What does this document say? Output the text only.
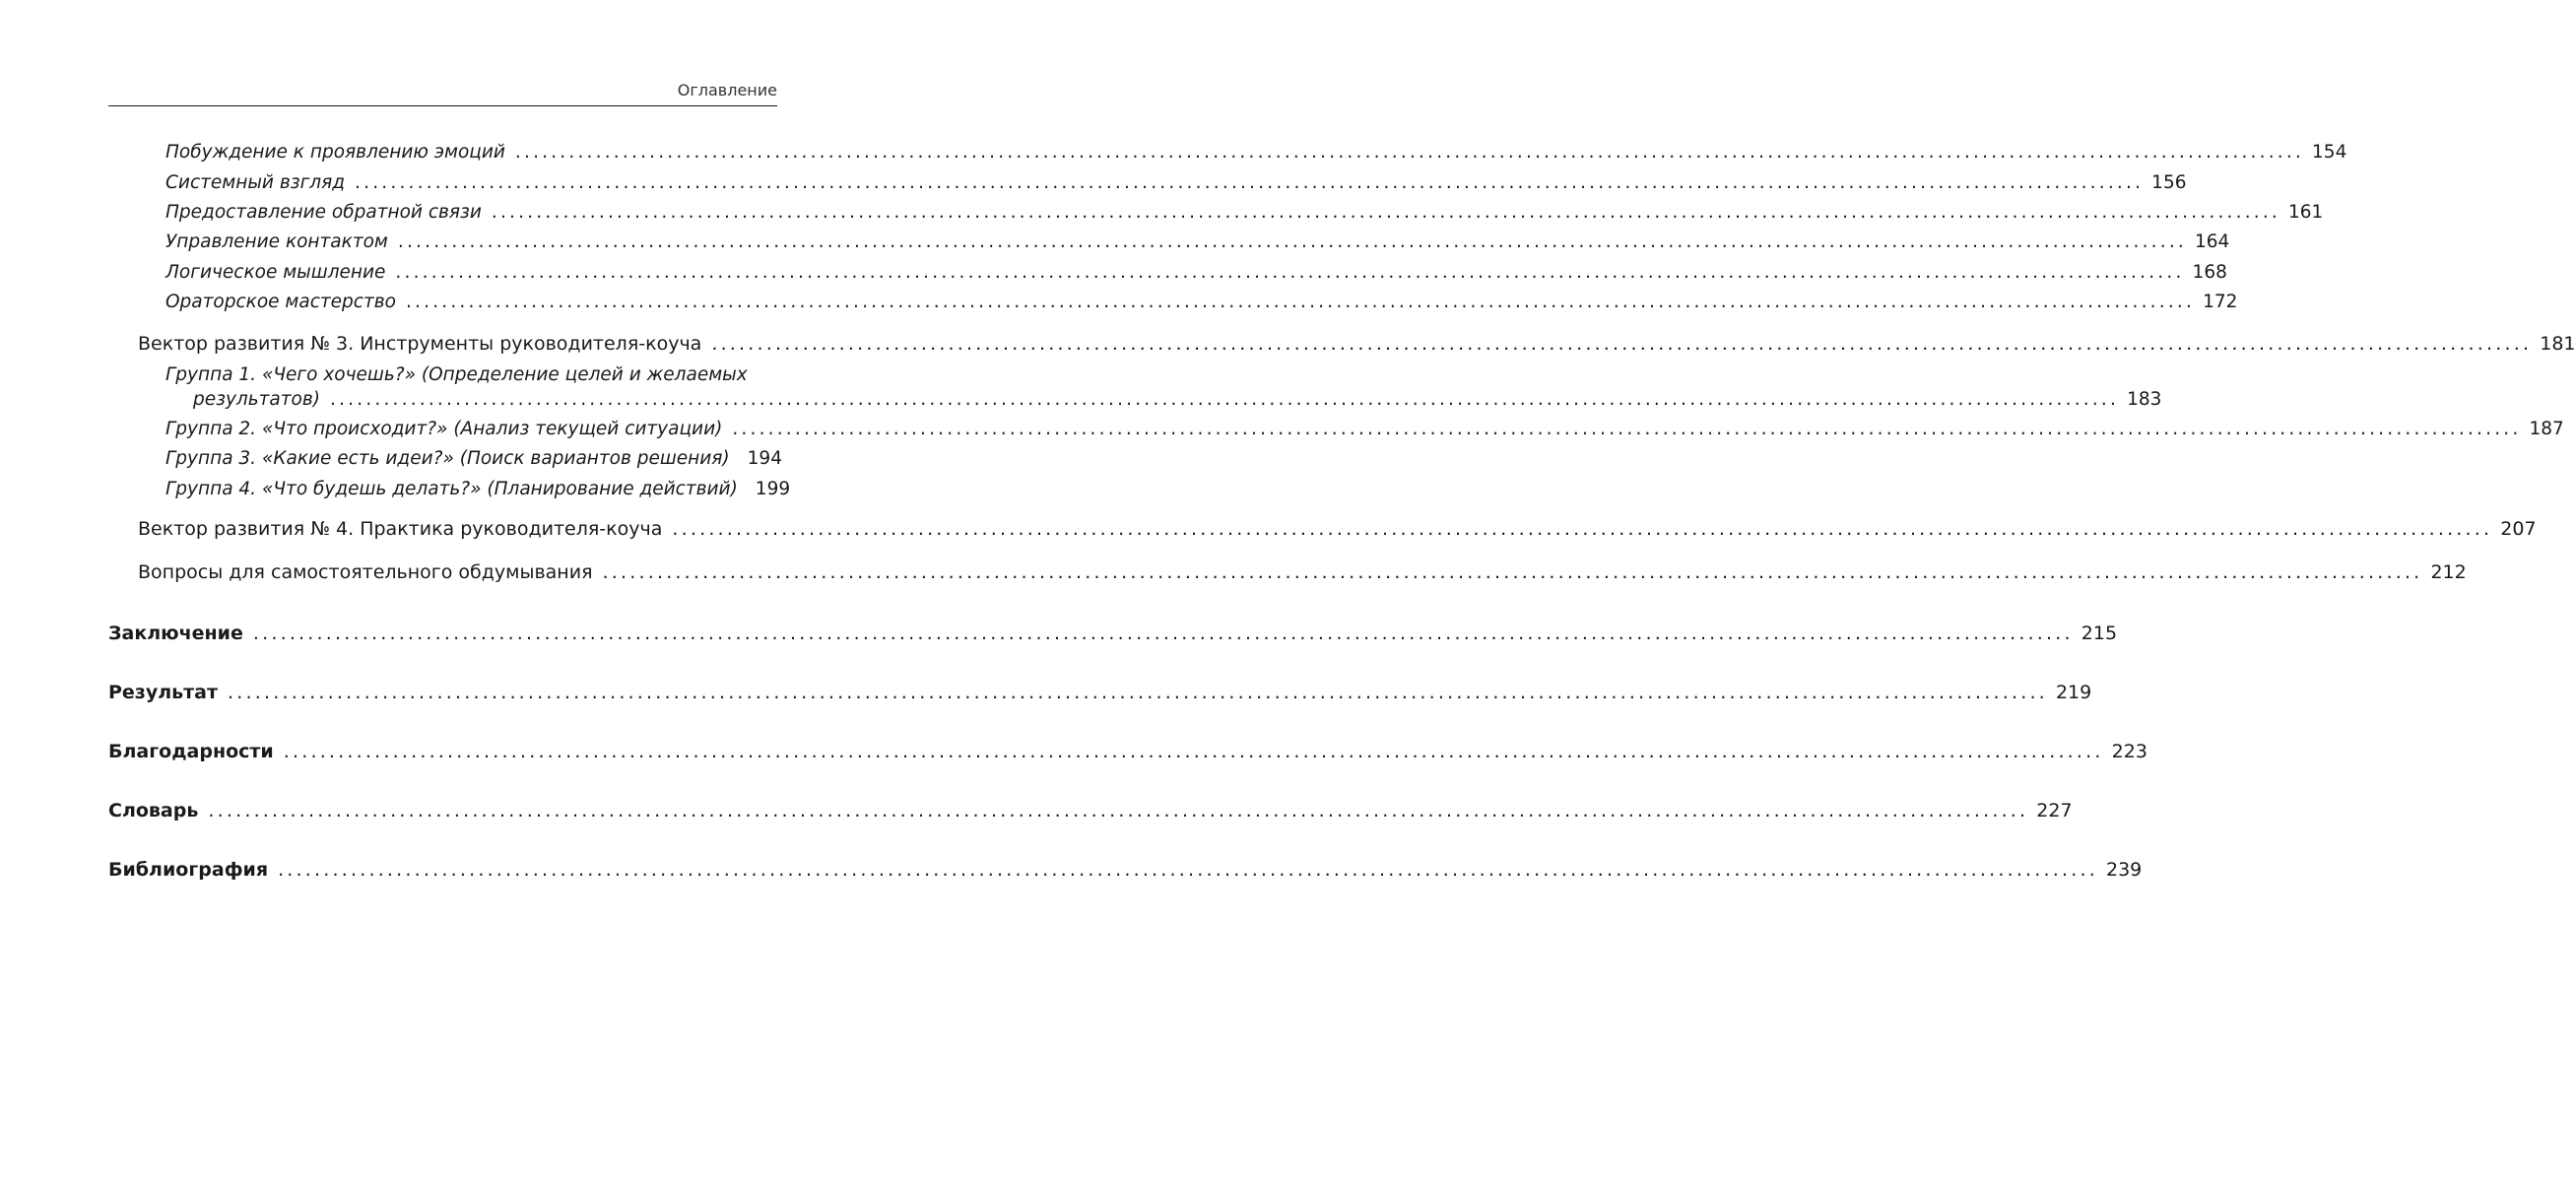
Оглавление
Побуждение к проявлению эмоций ........................................................................................................................................................................................................ 154
Системный взгляд ........................................................................................................................................................................................................ 156
Предоставление обратной связи ........................................................................................................................................................................................................ 161
Управление контактом ........................................................................................................................................................................................................ 164
Логическое мышление ........................................................................................................................................................................................................ 168
Ораторское мастерство ........................................................................................................................................................................................................ 172
Вектор развития № 3. Инструменты руководителя-коуча ........................................................................................................................................................................................................ 181
Группа 1. «Чего хочешь?» (Определение целей и желаемых
результатов) ........................................................................................................................................................................................................ 183
Группа 2. «Что происходит?» (Анализ текущей ситуации) ........................................................................................................................................................................................................ 187
Группа 3. «Какие есть идеи?» (Поиск вариантов решения) 194
Группа 4. «Что будешь делать?» (Планирование действий) 199
Вектор развития № 4. Практика руководителя-коуча ........................................................................................................................................................................................................ 207
Вопросы для самостоятельного обдумывания ........................................................................................................................................................................................................ 212
Заключение ........................................................................................................................................................................................................ 215
Результат ........................................................................................................................................................................................................ 219
Благодарности ........................................................................................................................................................................................................ 223
Словарь ........................................................................................................................................................................................................ 227
Библиография ........................................................................................................................................................................................................ 239
